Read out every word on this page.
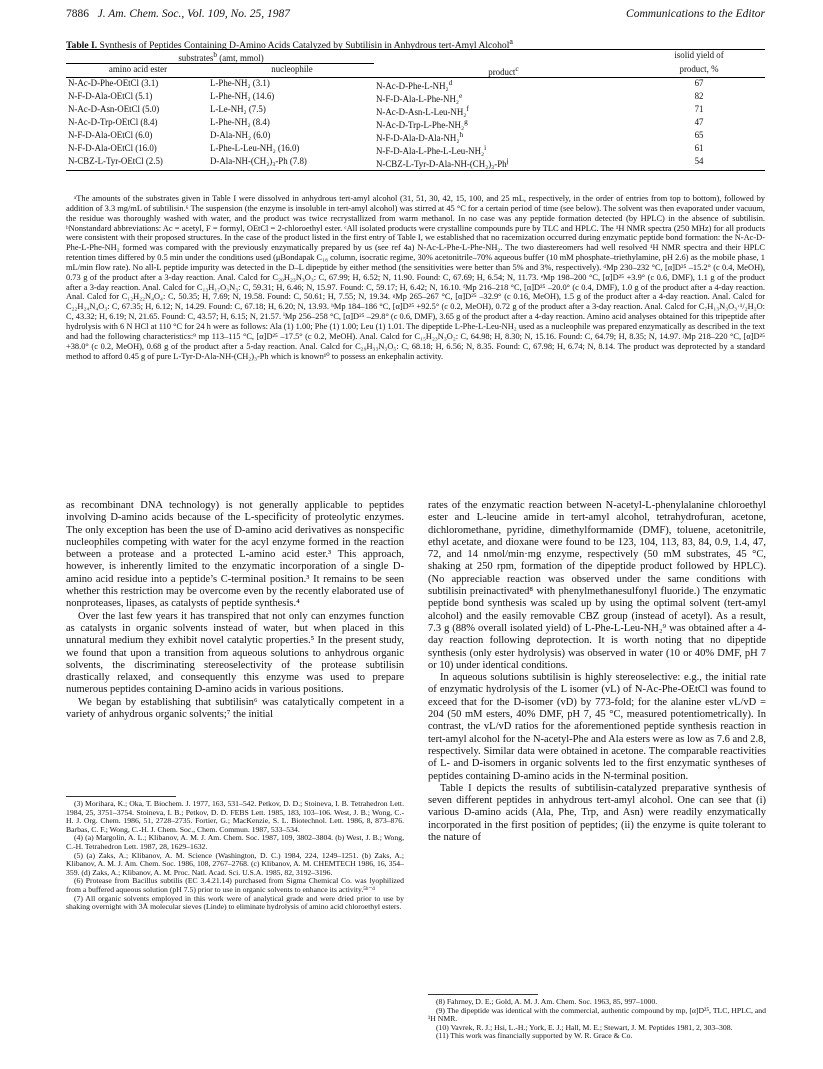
7886 J. Am. Chem. Soc., Vol. 109, No. 25, 1987	Communications to the Editor
Table I. Synthesis of Peptides Containing D-Amino Acids Catalyzed by Subtilisin in Anhydrous tert-Amyl Alcohol$^a$
substrates$^b$ (amt, mmol)			isolid yield of
amino acid ester	nucleophile	product$^c$	product, %
N-Ac-D-Phe-OEtCl (3.1)	L-Phe-NH₂ (3.1)	N-Ac-D-Phe-L-NH₂$^d$	67
N-F-D-Ala-OEtCl (5.1)	L-Phe-NH₂ (14.6)	N-F-D-Ala-L-Phe-NH₂$^e$	82
N-Ac-D-Asn-OEtCl (5.0)	L-Le-NH₂ (7.5)	N-Ac-D-Asn-L-Leu-NH₂$^f$	71
N-Ac-D-Trp-OEtCl (8.4)	L-Phe-NH₂ (8.4)	N-Ac-D-Trp-L-Phe-NH₂$^g$	47
N-F-D-Ala-OEtCl (6.0)	D-Ala-NH₂ (6.0)	N-F-D-Ala-D-Ala-NH₂$^h$	65
N-F-D-Ala-OEtCl (16.0)	L-Phe-L-Leu-NH₂ (16.0)	N-F-D-Ala-L-Phe-L-Leu-NH₂$^i$	61
N-CBZ-L-Tyr-OEtCl (2.5)	D-Ala-NH-(CH₂)₃-Ph (7.8)	N-CBZ-L-Tyr-D-Ala-NH-(CH₂)₃-Ph$^j$	54

ᵃThe amounts of the substrates given in Table I were dissolved in anhydrous tert-amyl alcohol (31, 51, 30, 42, 15, 100, and 25 mL, respectively, in the order of entries from top to bottom), followed by addition of 3.3 mg/mL of subtilisin.⁶ The suspension (the enzyme is insoluble in tert-amyl alcohol) was stirred at 45 °C for a certain period of time (see below). The solvent was then evaporated under vacuum, the residue was thoroughly washed with water, and the product was twice recrystallized from warm methanol. In no case was any peptide formation detected (by HPLC) in the absence of subtilisin. ᵇNonstandard abbreviations: Ac = acetyl, F = formyl, OEtCl = 2-chloroethyl ester. ᶜAll isolated products were crystalline compounds pure by TLC and HPLC. The ¹H NMR spectra (250 MHz) for all products were consistent with their proposed structures. In the case of the product listed in the first entry of Table I, we established that no racemization occurred during enzymatic peptide bond formation: the N-Ac-D-Phe-L-Phe-NH₂ formed was compared with the previously enzymatically prepared by us (see ref 4a) N-Ac-L-Phe-L-Phe-NH₂. The two diastereomers had well resolved ¹H NMR spectra and their HPLC retention times differed by 0.5 min under the conditions used (μBondapak C₁₈ column, isocratic regime, 30% acetonitrile–70% aqueous buffer (10 mM phosphate–triethylamine, pH 2.6) as the mobile phase, 1 mL/min flow rate). No all-L peptide impurity was detected in the D–L dipeptide by either method (the sensitivities were better than 5% and 3%, respectively). ᵈMp 230–232 °C, [α]D²⁵ –15.2° (c 0.4, MeOH), 0.73 g of the product after a 3-day reaction. Anal. Calcd for C₂₀H₂₃N₃O₃: C, 67.99; H, 6.52; N, 11.90. Found: C, 67.69; H, 6.54; N, 11.73. ᵉMp 198–200 °C, [α]D²⁵ +3.9° (c 0.6, DMF), 1.1 g of the product after a 3-day reaction. Anal. Calcd for C₁₃H₁₇O₃N₃: C, 59.31; H, 6.46; N, 15.97. Found: C, 59.17; H, 6.42; N, 16.10. ᶠMp 216–218 °C, [α]D²⁵ –20.0° (c 0.4, DMF), 1.0 g of the product after a 4-day reaction. Anal. Calcd for C₁₂H₂₂N₄O₄: C, 50.35; H, 7.69; N, 19.58. Found: C, 50.61; H, 7.55; N, 19.34. ᵍMp 265–267 °C, [α]D²⁵ –32.9° (c 0.16, MeOH), 1.5 g of the product after a 4-day reaction. Anal. Calcd for C₂₂H₂₄N₄O₃: C, 67.35; H, 6.12; N, 14.29. Found: C, 67.18; H, 6.20; N, 13.93. ʰMp 184–186 °C, [α]D²⁵ +92.5° (c 0.2, MeOH), 0.72 g of the product after a 3-day reaction. Anal. Calcd for C₇H₁₃N₃O₃·¹/₂H₂O: C, 43.32; H, 6.19; N, 21.65. Found: C, 43.57; H, 6.15; N, 21.57. ⁱMp 256–258 °C, [α]D²⁵ –29.8° (c 0.6, DMF), 3.65 g of the product after a 4-day reaction. Amino acid analyses obtained for this tripeptide after hydrolysis with 6 N HCl at 110 °C for 24 h were as follows: Ala (1) 1.00; Phe (1) 1.00; Leu (1) 1.01. The dipeptide L-Phe-L-Leu-NH₂ used as a nucleophile was prepared enzymatically as described in the text and had the following characteristics:⁹ mp 113–115 °C, [α]D²⁵ –17.5° (c 0.2, MeOH). Anal. Calcd for C₁₅H₂₃N₃O₂: C, 64.98; H, 8.30; N, 15.16. Found: C, 64.79; H, 8.35; N, 14.97. ʲMp 218–220 °C, [α]D²⁵ +38.0° (c 0.2, MeOH), 0.68 g of the product after a 5-day reaction. Anal. Calcd for C₂₉H₃₃N₃O₅: C, 68.18; H, 6.56; N, 8.35. Found: C, 67.98; H, 6.74; N, 8.14. The product was deprotected by a standard method to afford 0.45 g of pure L-Tyr-D-Ala-NH-(CH₂)₃-Ph which is known¹⁰ to possess an enkephalin activity.

as recombinant DNA technology) is not generally applicable to peptides involving D-amino acids because of the L-specificity of proteolytic enzymes. The only exception has been the use of D-amino acid derivatives as nonspecific nucleophiles competing with water for the acyl enzyme formed in the reaction between a protease and a protected L-amino acid ester.³ This approach, however, is inherently limited to the enzymatic incorporation of a single D-amino acid residue into a peptide’s C-terminal position.³ It remains to be seen whether this restriction may be overcome even by the recently elaborated use of nonproteases, lipases, as catalysts of peptide synthesis.⁴

Over the last few years it has transpired that not only can enzymes function as catalysts in organic solvents instead of water, but when placed in this unnatural medium they exhibit novel catalytic properties.⁵ In the present study, we found that upon a transition from aqueous solutions to anhydrous organic solvents, the discriminating stereoselectivity of the protease subtilisin drastically relaxed, and consequently this enzyme was used to prepare numerous peptides containing D-amino acids in various positions.

We began by establishing that subtilisin⁶ was catalytically competent in a variety of anhydrous organic solvents;⁷ the initial

rates of the enzymatic reaction between N-acetyl-L-phenylalanine chloroethyl ester and L-leucine amide in tert-amyl alcohol, tetrahydrofuran, acetone, dichloromethane, pyridine, dimethylformamide (DMF), toluene, acetonitrile, ethyl acetate, and dioxane were found to be 123, 104, 113, 83, 84, 0.9, 1.4, 47, 72, and 14 nmol/min·mg enzyme, respectively (50 mM substrates, 45 °C, shaking at 250 rpm, formation of the dipeptide product followed by HPLC). (No appreciable reaction was observed under the same conditions with subtilisin preinactivated⁸ with phenylmethanesulfonyl fluoride.) The enzymatic peptide bond synthesis was scaled up by using the optimal solvent (tert-amyl alcohol) and the easily removable CBZ group (instead of acetyl). As a result, 7.3 g (88% overall isolated yield) of L-Phe-L-Leu-NH₂⁹ was obtained after a 4-day reaction following deprotection. It is worth noting that no dipeptide synthesis (only ester hydrolysis) was observed in water (10 or 40% DMF, pH 7 or 10) under identical conditions.

In aqueous solutions subtilisin is highly stereoselective: e.g., the initial rate of enzymatic hydrolysis of the L isomer (vL) of N-Ac-Phe-OEtCl was found to exceed that for the D-isomer (vD) by 773-fold; for the alanine ester vL/vD = 204 (50 mM esters, 40% DMF, pH 7, 45 °C, measured potentiometrically). In contrast, the vL/vD ratios for the aforementioned peptide synthesis reaction in tert-amyl alcohol for the N-acetyl-Phe and Ala esters were as low as 7.6 and 2.8, respectively. Similar data were obtained in acetone. The comparable reactivities of L- and D-isomers in organic solvents led to the first enzymatic syntheses of peptides containing D-amino acids in the N-terminal position.

Table I depicts the results of subtilisin-catalyzed preparative synthesis of seven different peptides in anhydrous tert-amyl alcohol. One can see that (i) various D-amino acids (Ala, Phe, Trp, and Asn) were readily enzymatically incorporated in the first position of peptides; (ii) the enzyme is quite tolerant to the nature of

(3) Morihara, K.; Oka, T. Biochem. J. 1977, 163, 531–542. Petkov, D. D.; Stoineva, I. B. Tetrahedron Lett. 1984, 25, 3751–3754. Stoineva, I. B.; Petkov, D. D. FEBS Lett. 1985, 183, 103–106. West, J. B.; Wong, C.-H. J. Org. Chem. 1986, 51, 2728–2735. Fortier, G.; MacKenzie, S. L. Biotechnol. Lett. 1986, 8, 873–876. Barbas, C. F.; Wong, C.-H. J. Chem. Soc., Chem. Commun. 1987, 533–534.

(4) (a) Margolin, A. L.; Klibanov, A. M. J. Am. Chem. Soc. 1987, 109, 3802–3804. (b) West, J. B.; Wong, C.-H. Tetrahedron Lett. 1987, 28, 1629–1632.

(5) (a) Zaks, A.; Klibanov, A. M. Science (Washington, D. C.) 1984, 224, 1249–1251. (b) Zaks, A.; Klibanov, A. M. J. Am. Chem. Soc. 1986, 108, 2767–2768. (c) Klibanov, A. M. CHEMTECH 1986, 16, 354–359. (d) Zaks, A.; Klibanov, A. M. Proc. Natl. Acad. Sci. U.S.A. 1985, 82, 3192–3196.

(6) Protease from Bacillus subtilis (EC 3.4.21.14) purchased from Sigma Chemical Co. was lyophilized from a buffered aqueous solution (pH 7.5) prior to use in organic solvents to enhance its activity.⁵ᵇ⁻ᵈ

(7) All organic solvents employed in this work were of analytical grade and were dried prior to use by shaking overnight with 3Å molecular sieves (Linde) to eliminate hydrolysis of amino acid chloroethyl esters.

(8) Fahrney, D. E.; Gold, A. M. J. Am. Chem. Soc. 1963, 85, 997–1000.

(9) The dipeptide was identical with the commercial, authentic compound by mp, [α]D²⁵, TLC, HPLC, and ¹H NMR.

(10) Vavrek, R. J.; Hsi, L.-H.; York, E. J.; Hall, M. E.; Stewart, J. M. Peptides 1981, 2, 303–308.

(11) This work was financially supported by W. R. Grace & Co.
